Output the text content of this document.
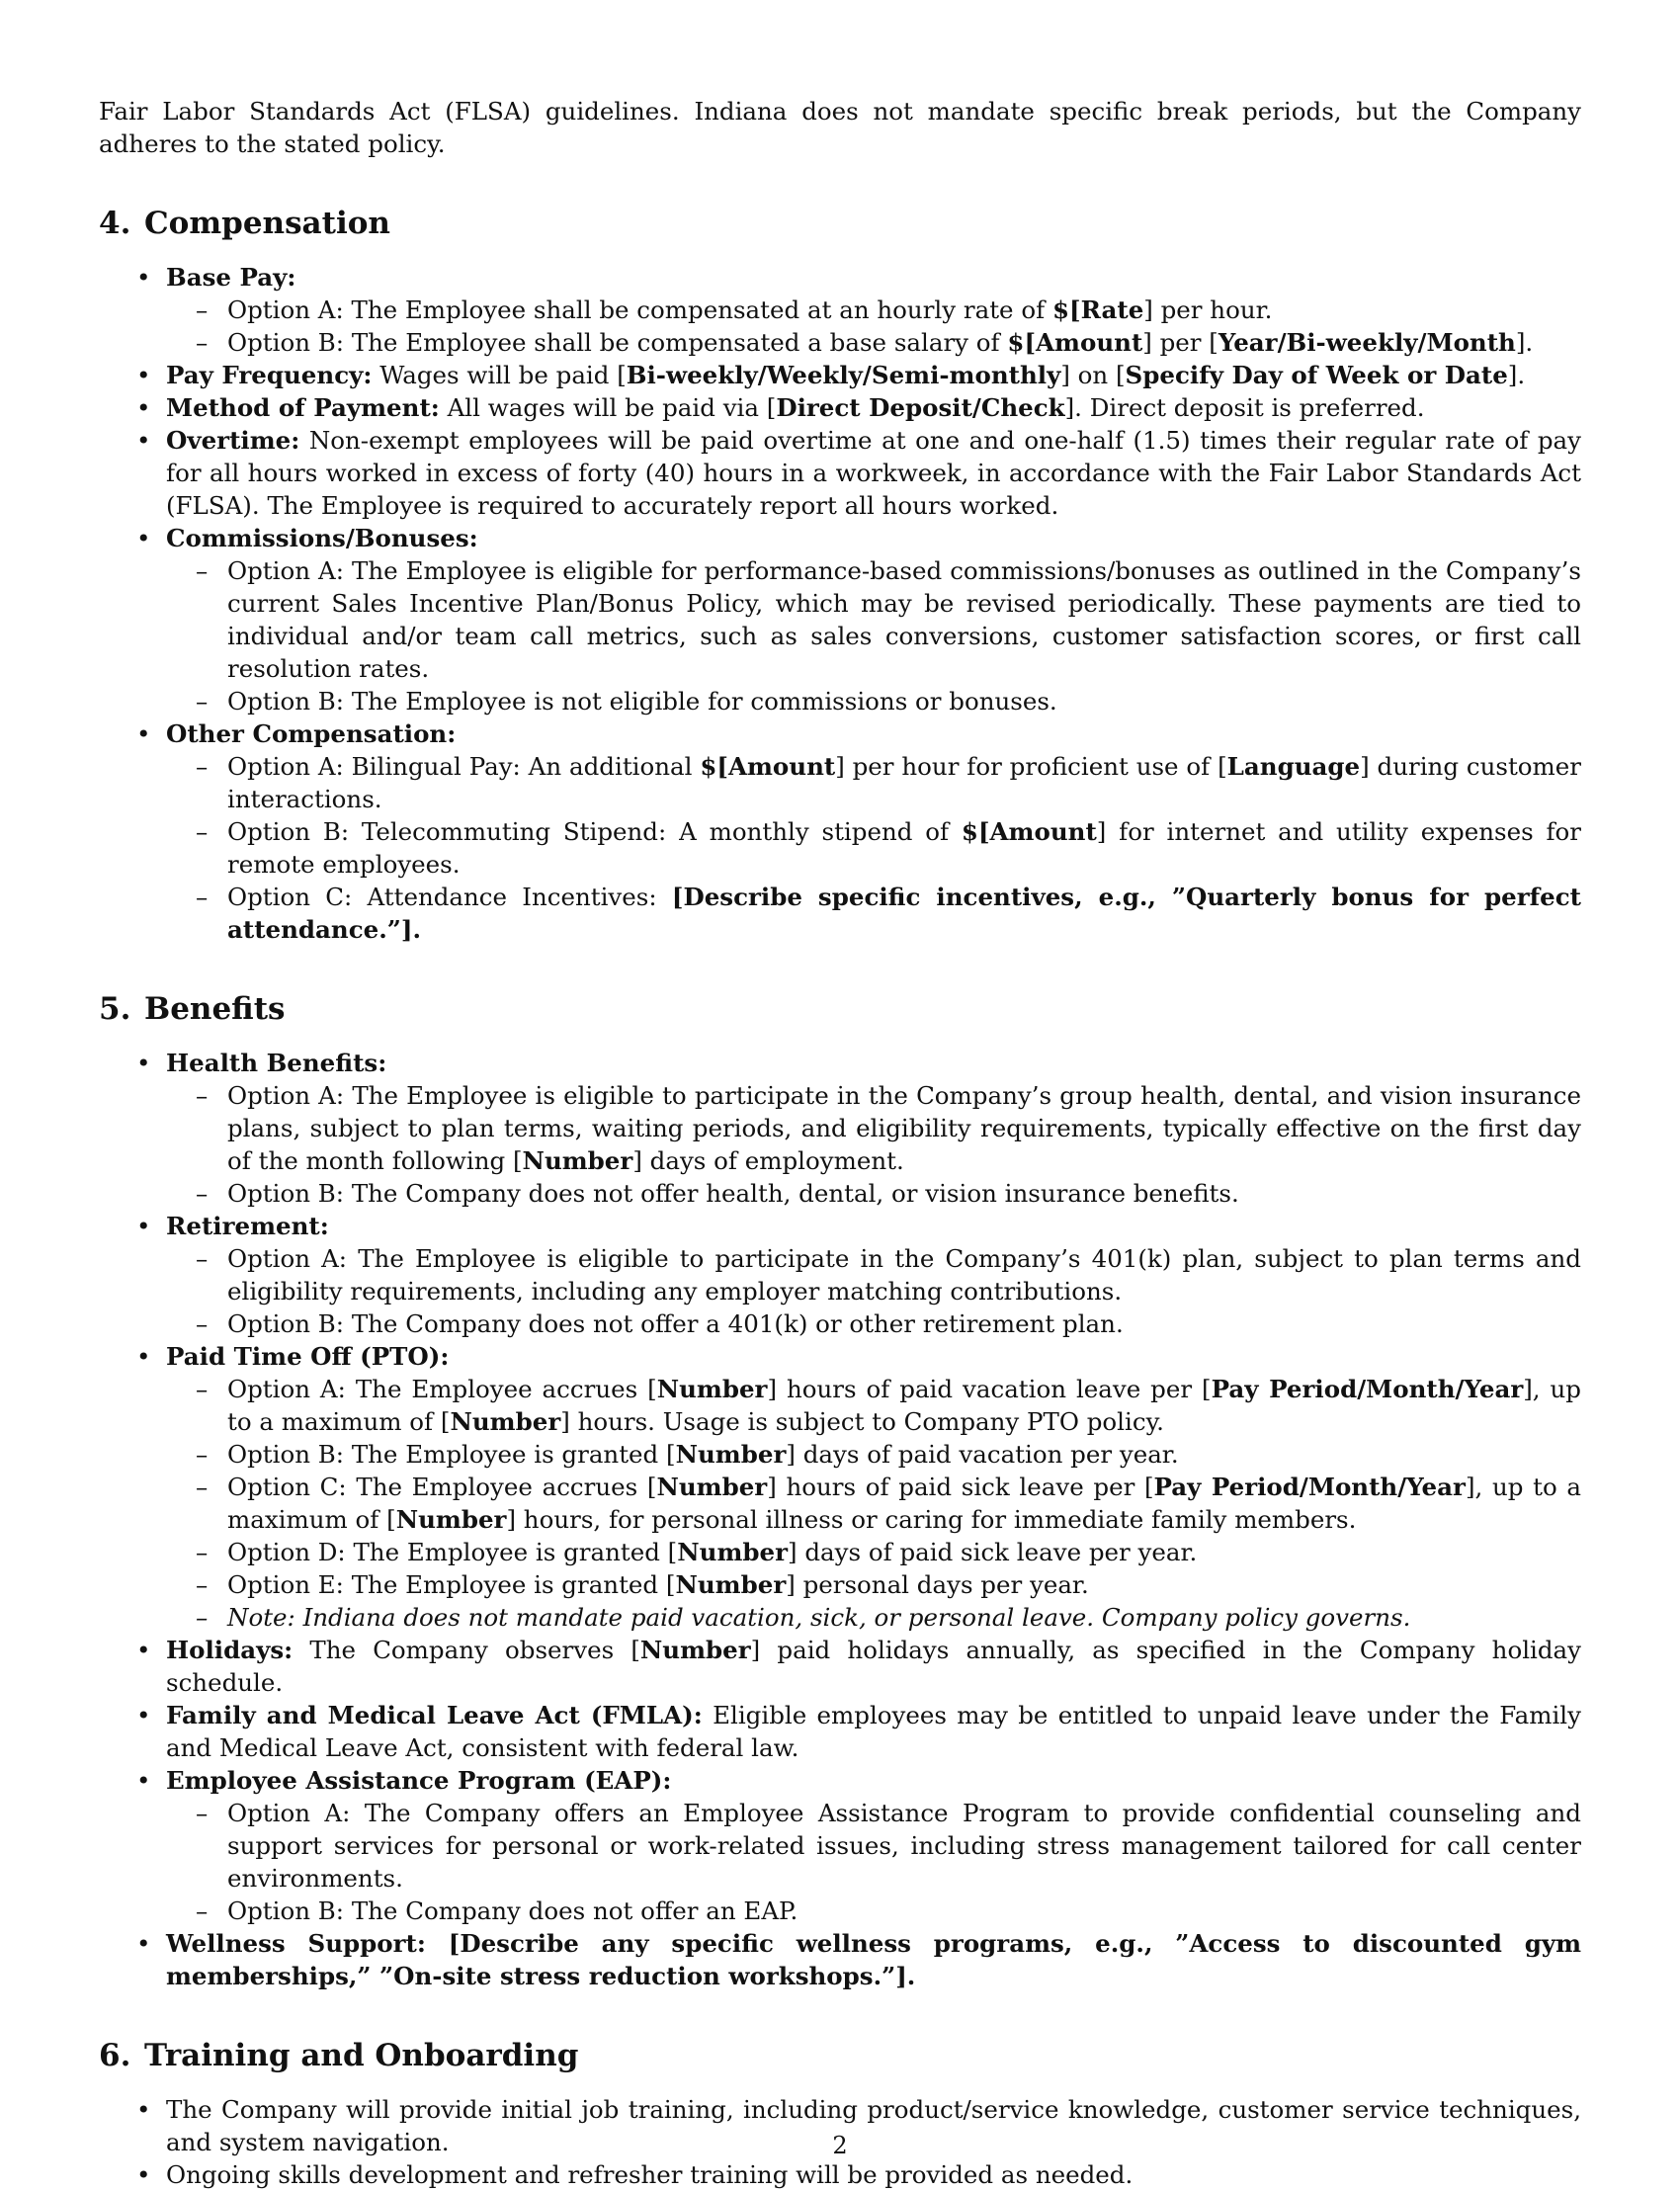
Fair Labor Standards Act (FLSA) guidelines. Indiana does not mandate specific break periods, but the Company adheres to the stated policy.

4. Compensation
• Base Pay:
– Option A: The Employee shall be compensated at an hourly rate of $[Rate] per hour.
– Option B: The Employee shall be compensated a base salary of $[Amount] per [Year/Bi-weekly/Month].
• Pay Frequency: Wages will be paid [Bi-weekly/Weekly/Semi-monthly] on [Specify Day of Week or Date].
• Method of Payment: All wages will be paid via [Direct Deposit/Check]. Direct deposit is preferred.
• Overtime: Non-exempt employees will be paid overtime at one and one-half (1.5) times their regular rate of pay for all hours worked in excess of forty (40) hours in a workweek, in accordance with the Fair Labor Standards Act (FLSA). The Employee is required to accurately report all hours worked.
• Commissions/Bonuses:
– Option A: The Employee is eligible for performance-based commissions/bonuses as outlined in the Company’s current Sales Incentive Plan/Bonus Policy, which may be revised periodically. These payments are tied to individual and/or team call metrics, such as sales conversions, customer satisfaction scores, or first call resolution rates.
– Option B: The Employee is not eligible for commissions or bonuses.
• Other Compensation:
– Option A: Bilingual Pay: An additional $[Amount] per hour for proficient use of [Language] during customer interactions.
– Option B: Telecommuting Stipend: A monthly stipend of $[Amount] for internet and utility expenses for remote employees.
– Option C: Attendance Incentives: [Describe specific incentives, e.g., ”Quarterly bonus for perfect attendance.”].
5. Benefits
• Health Benefits:
– Option A: The Employee is eligible to participate in the Company’s group health, dental, and vision insurance plans, subject to plan terms, waiting periods, and eligibility requirements, typically effective on the first day of the month following [Number] days of employment.
– Option B: The Company does not offer health, dental, or vision insurance benefits.
• Retirement:
– Option A: The Employee is eligible to participate in the Company’s 401(k) plan, subject to plan terms and eligibility requirements, including any employer matching contributions.
– Option B: The Company does not offer a 401(k) or other retirement plan.
• Paid Time Off (PTO):
– Option A: The Employee accrues [Number] hours of paid vacation leave per [Pay Period/Month/Year], up to a maximum of [Number] hours. Usage is subject to Company PTO policy.
– Option B: The Employee is granted [Number] days of paid vacation per year.
– Option C: The Employee accrues [Number] hours of paid sick leave per [Pay Period/Month/Year], up to a maximum of [Number] hours, for personal illness or caring for immediate family members.
– Option D: The Employee is granted [Number] days of paid sick leave per year.
– Option E: The Employee is granted [Number] personal days per year.
– Note: Indiana does not mandate paid vacation, sick, or personal leave. Company policy governs.
• Holidays: The Company observes [Number] paid holidays annually, as specified in the Company holiday schedule.
• Family and Medical Leave Act (FMLA): Eligible employees may be entitled to unpaid leave under the Family and Medical Leave Act, consistent with federal law.
• Employee Assistance Program (EAP):
– Option A: The Company offers an Employee Assistance Program to provide confidential counseling and support services for personal or work-related issues, including stress management tailored for call center environments.
– Option B: The Company does not offer an EAP.
• Wellness Support: [Describe any specific wellness programs, e.g., ”Access to discounted gym memberships,” ”On-site stress reduction workshops.”].
6. Training and Onboarding
• The Company will provide initial job training, including product/service knowledge, customer service techniques, and system navigation.
• Ongoing skills development and refresher training will be provided as needed.
2
